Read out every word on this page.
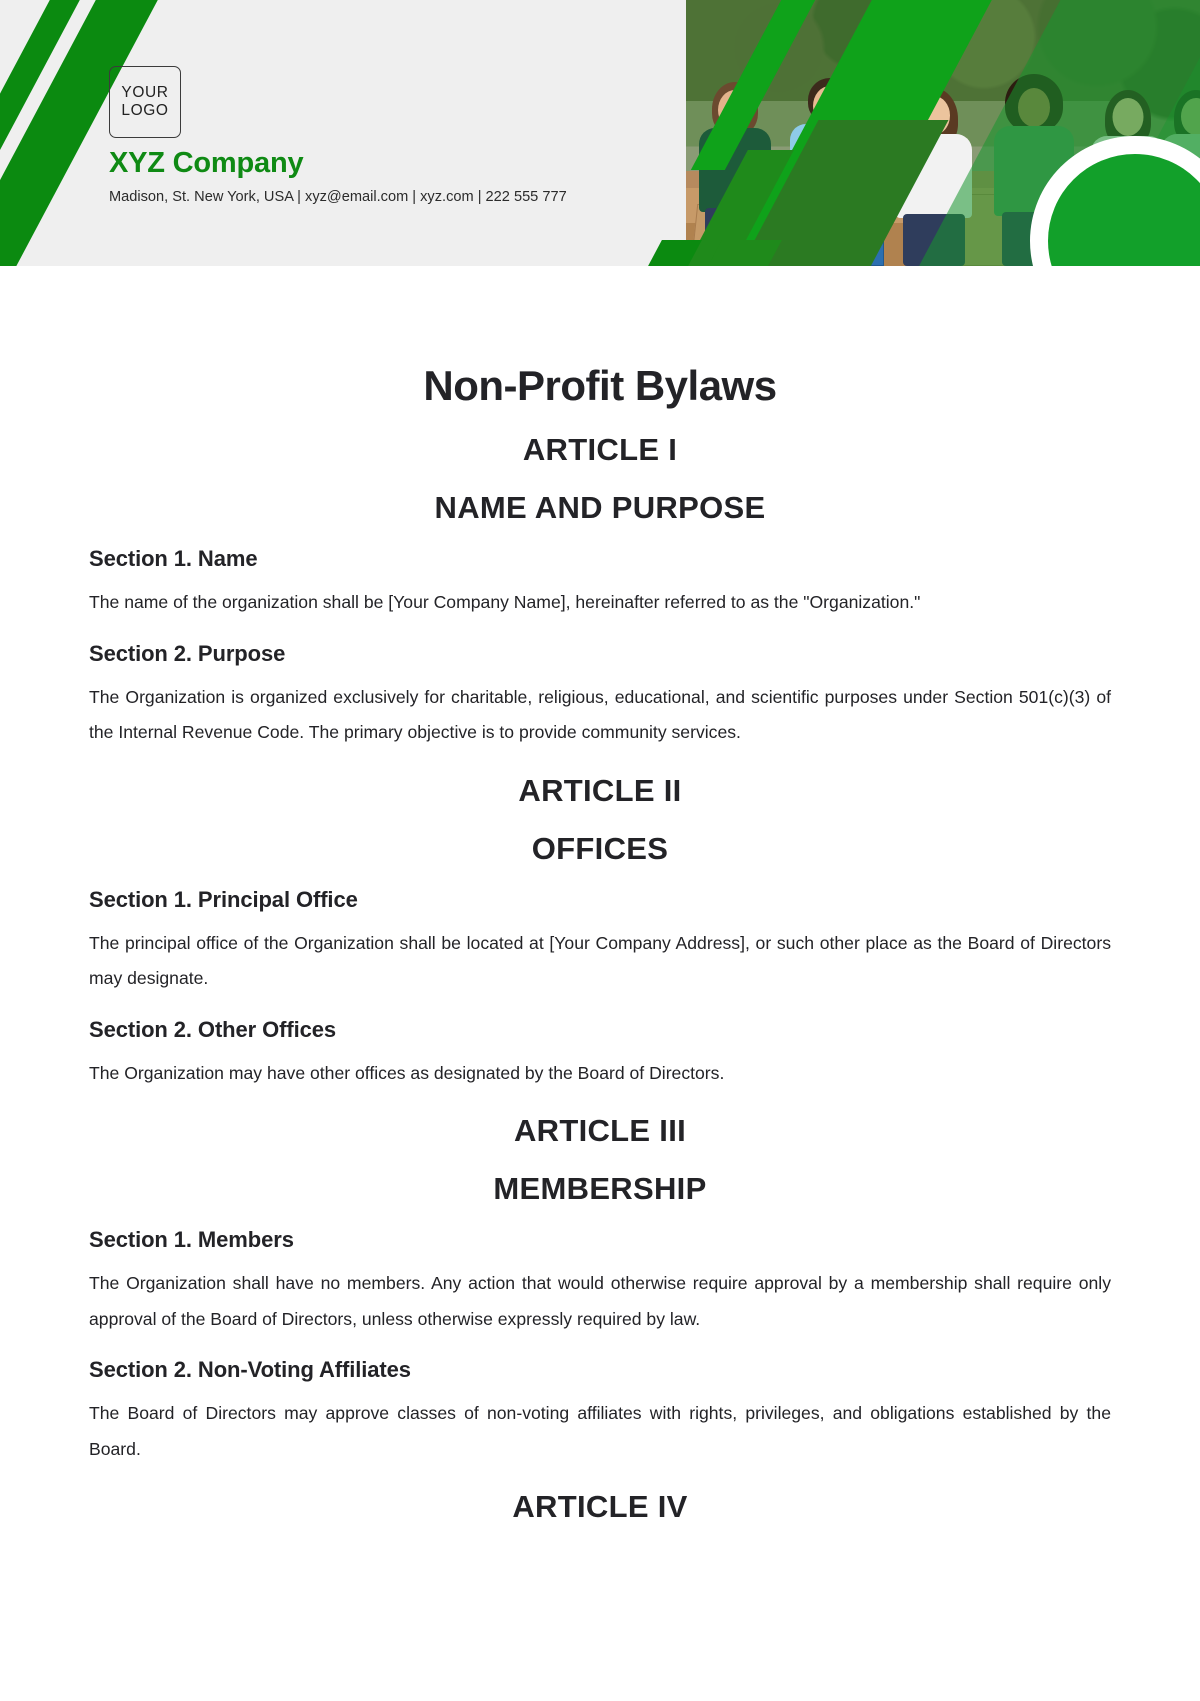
YOUR
LOGO
XYZ Company
Madison, St. New York, USA | xyz@email.com | xyz.com | 222 555 777
Non-Profit Bylaws
ARTICLE I
NAME AND PURPOSE
Section 1. Name
The name of the organization shall be [Your Company Name], hereinafter referred to as the "Organization."
Section 2. Purpose
The Organization is organized exclusively for charitable, religious, educational, and scientific purposes under Section 501(c)(3) of the Internal Revenue Code. The primary objective is to provide community services.
ARTICLE II
OFFICES
Section 1. Principal Office
The principal office of the Organization shall be located at [Your Company Address], or such other place as the Board of Directors may designate.
Section 2. Other Offices
The Organization may have other offices as designated by the Board of Directors.
ARTICLE III
MEMBERSHIP
Section 1. Members
The Organization shall have no members. Any action that would otherwise require approval by a membership shall require only approval of the Board of Directors, unless otherwise expressly required by law.
Section 2. Non-Voting Affiliates
The Board of Directors may approve classes of non-voting affiliates with rights, privileges, and obligations established by the Board.
ARTICLE IV
